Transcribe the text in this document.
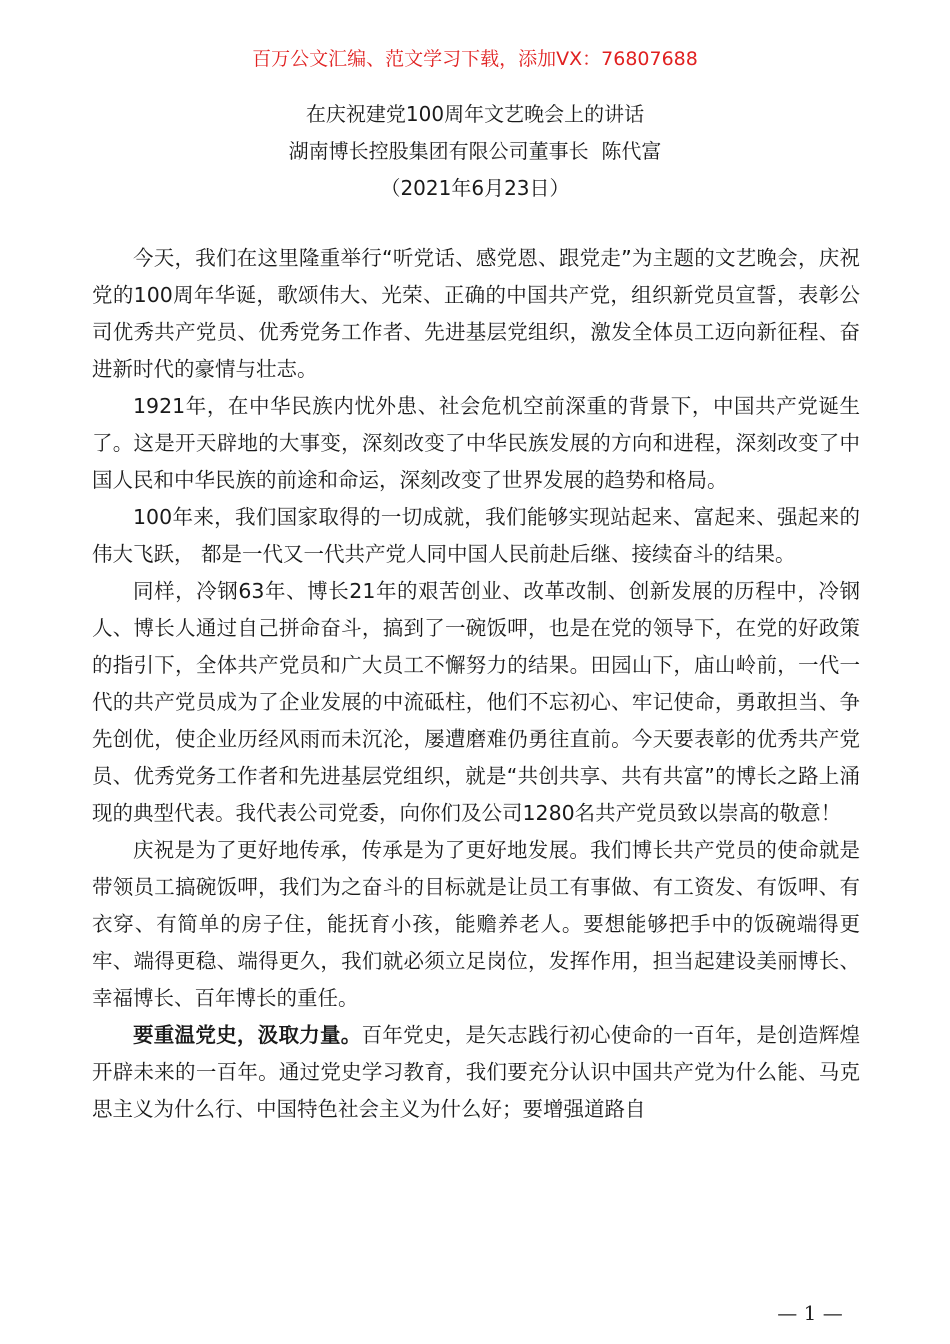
百万公文汇编、范文学习下载，添加VX：76807688
在庆祝建党100周年文艺晚会上的讲话
湖南博长控股集团有限公司董事长  陈代富
（2021年6月23日）

今天，我们在这里隆重举行“听党话、感党恩、跟党走”为主题的文艺晚会，庆祝党的100周年华诞，歌颂伟大、光荣、正确的中国共产党，组织新党员宣誓，表彰公司优秀共产党员、优秀党务工作者、先进基层党组织，激发全体员工迈向新征程、奋进新时代的豪情与壮志。

1921年，在中华民族内忧外患、社会危机空前深重的背景下，中国共产党诞生了。这是开天辟地的大事变，深刻改变了中华民族发展的方向和进程，深刻改变了中国人民和中华民族的前途和命运，深刻改变了世界发展的趋势和格局。

100年来，我们国家取得的一切成就，我们能够实现站起来、富起来、强起来的伟大飞跃， 都是一代又一代共产党人同中国人民前赴后继、接续奋斗的结果。

同样，冷钢63年、博长21年的艰苦创业、改革改制、创新发展的历程中，冷钢人、博长人通过自己拼命奋斗，搞到了一碗饭呷，也是在党的领导下，在党的好政策的指引下，全体共产党员和广大员工不懈努力的结果。田园山下，庙山岭前，一代一代的共产党员成为了企业发展的中流砥柱，他们不忘初心、牢记使命，勇敢担当、争先创优，使企业历经风雨而未沉沦，屡遭磨难仍勇往直前。今天要表彰的优秀共产党员、优秀党务工作者和先进基层党组织，就是“共创共享、共有共富”的博长之路上涌现的典型代表。我代表公司党委，向你们及公司1280名共产党员致以崇高的敬意！

庆祝是为了更好地传承，传承是为了更好地发展。我们博长共产党员的使命就是带领员工搞碗饭呷，我们为之奋斗的目标就是让员工有事做、有工资发、有饭呷、有衣穿、有简单的房子住，能抚育小孩，能赡养老人。要想能够把手中的饭碗端得更牢、端得更稳、端得更久，我们就必须立足岗位，发挥作用，担当起建设美丽博长、幸福博长、百年博长的重任。

要重温党史，汲取力量。百年党史，是矢志践行初心使命的一百年，是创造辉煌开辟未来的一百年。通过党史学习教育，我们要充分认识中国共产党为什么能、马克思主义为什么行、中国特色社会主义为什么好；要增强道路自

— 1 —
